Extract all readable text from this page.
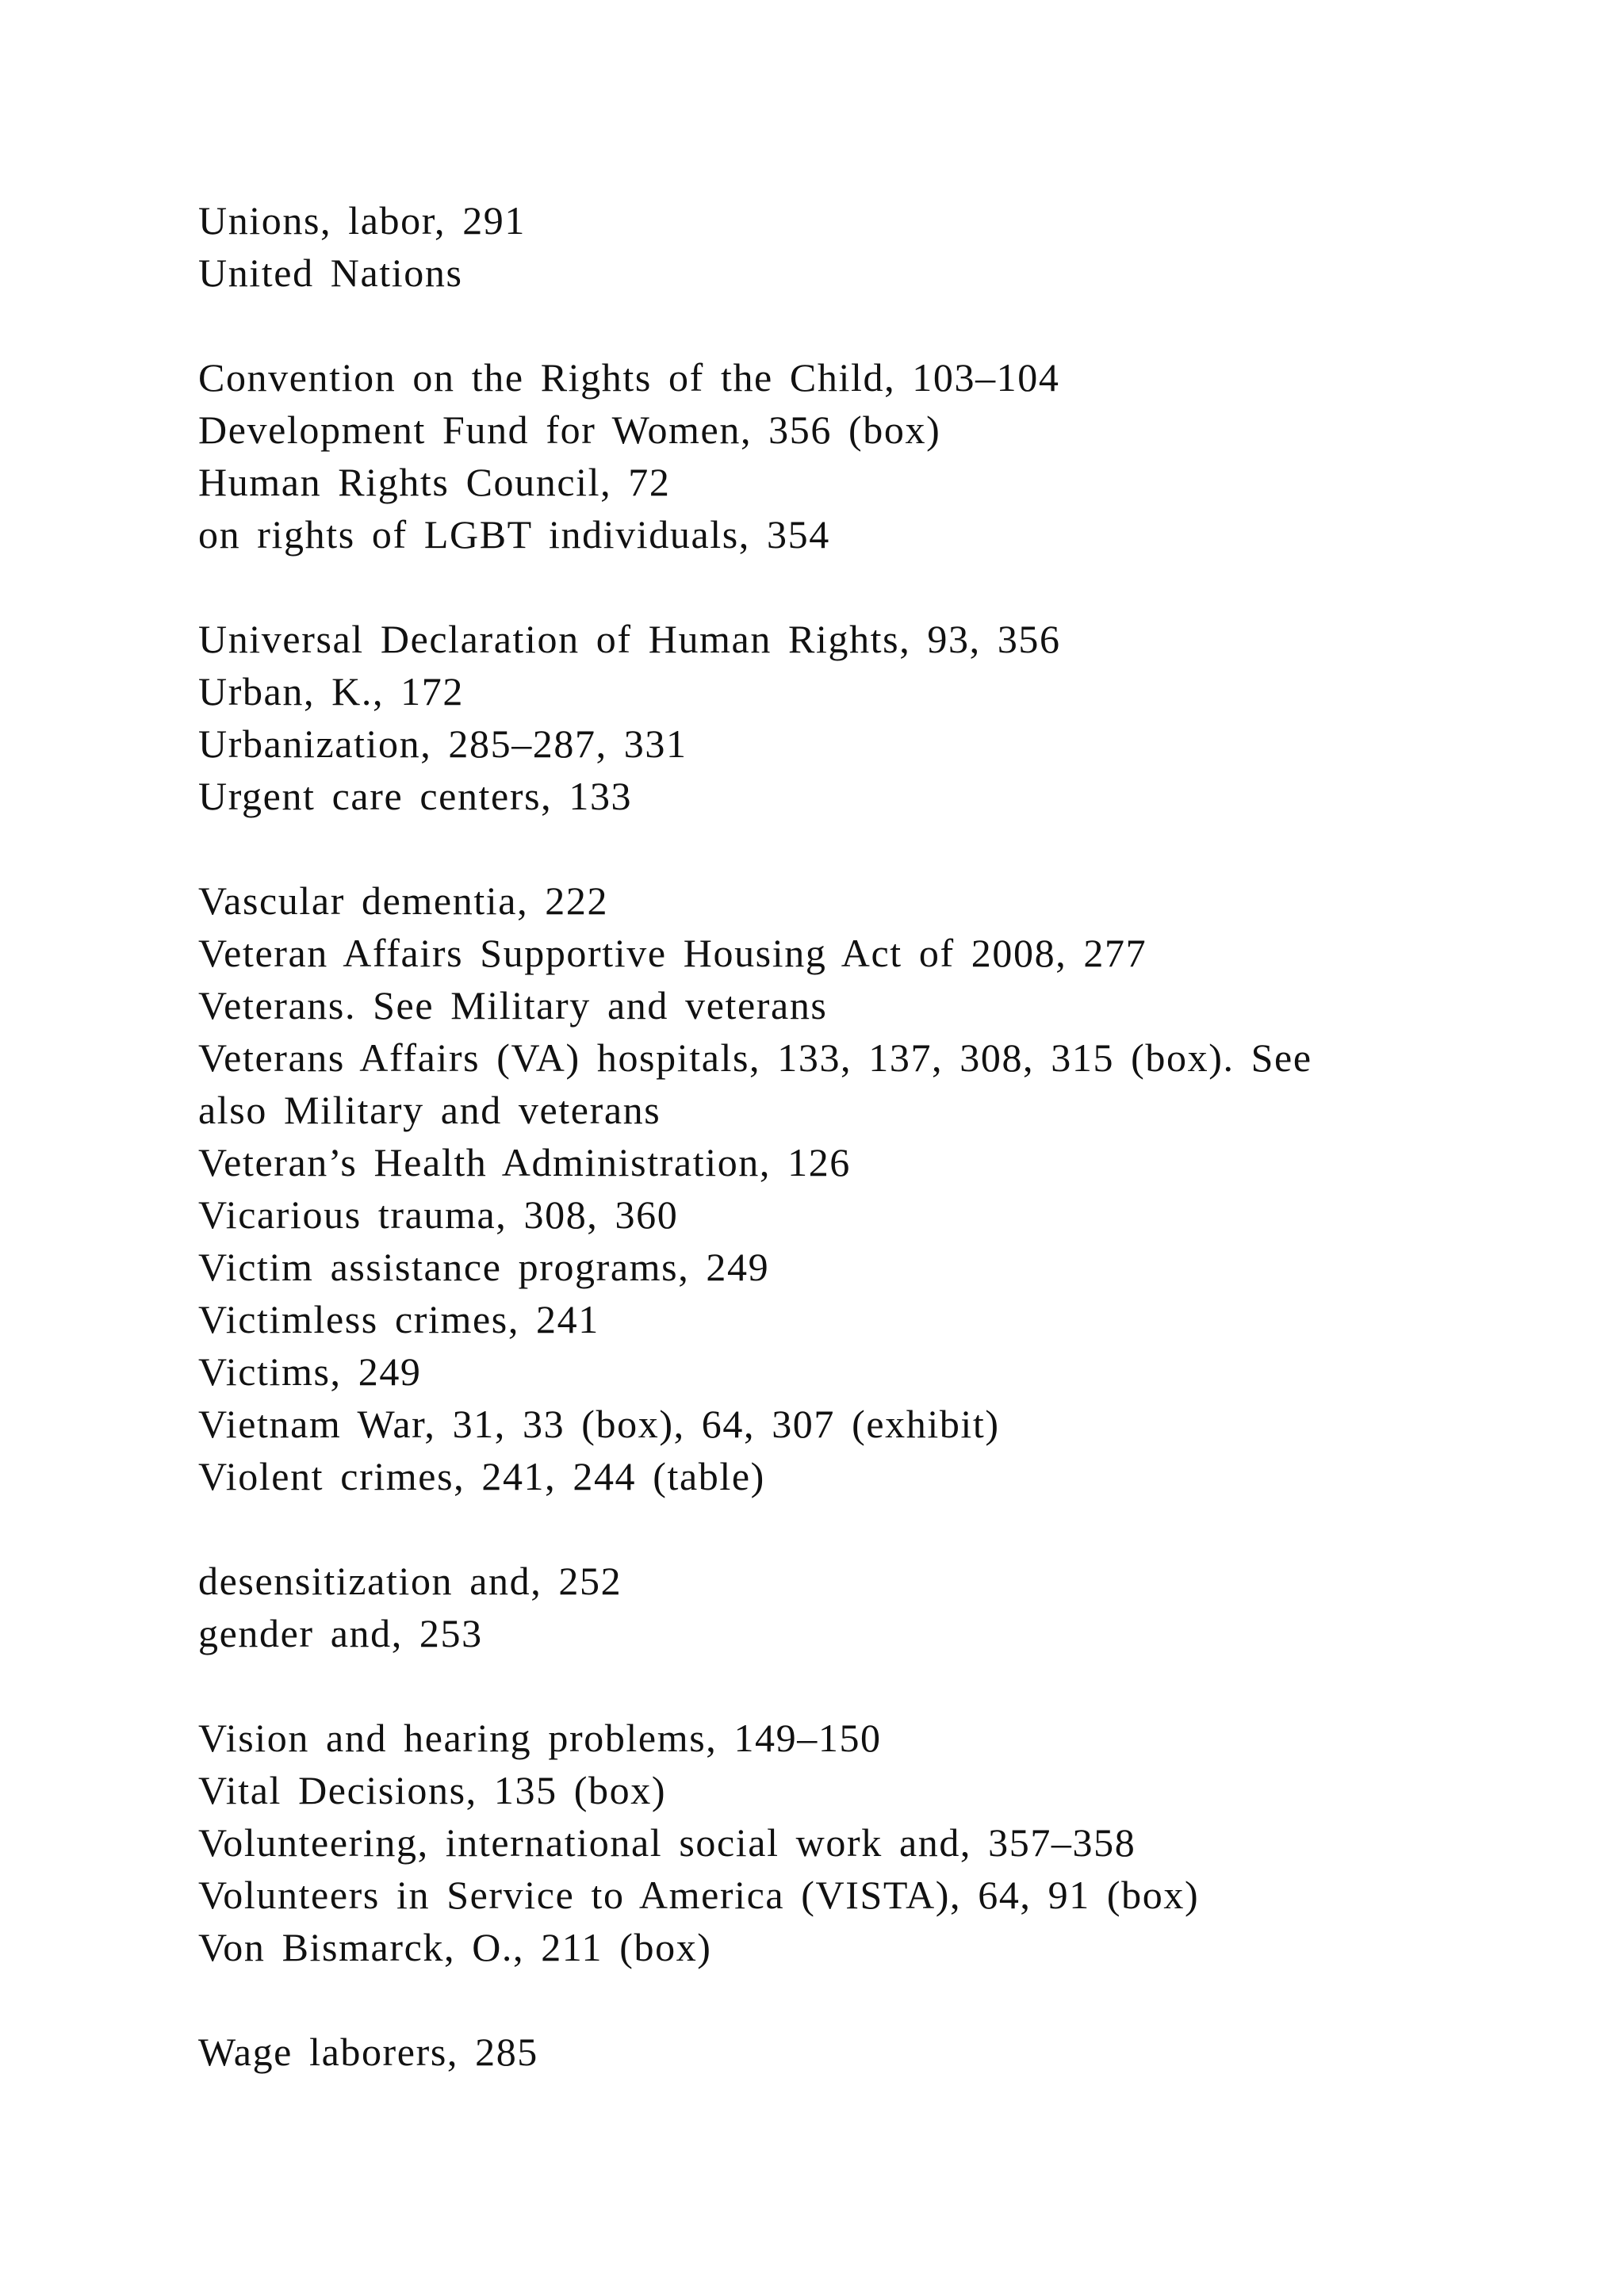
Unions, labor, 291
United Nations
Convention on the Rights of the Child, 103–104
Development Fund for Women, 356 (box)
Human Rights Council, 72
on rights of LGBT individuals, 354
Universal Declaration of Human Rights, 93, 356
Urban, K., 172
Urbanization, 285–287, 331
Urgent care centers, 133
Vascular dementia, 222
Veteran Affairs Supportive Housing Act of 2008, 277
Veterans. See Military and veterans
Veterans Affairs (VA) hospitals, 133, 137, 308, 315 (box). See
also Military and veterans
Veteran’s Health Administration, 126
Vicarious trauma, 308, 360
Victim assistance programs, 249
Victimless crimes, 241
Victims, 249
Vietnam War, 31, 33 (box), 64, 307 (exhibit)
Violent crimes, 241, 244 (table)
desensitization and, 252
gender and, 253
Vision and hearing problems, 149–150
Vital Decisions, 135 (box)
Volunteering, international social work and, 357–358
Volunteers in Service to America (VISTA), 64, 91 (box)
Von Bismarck, O., 211 (box)
Wage laborers, 285
